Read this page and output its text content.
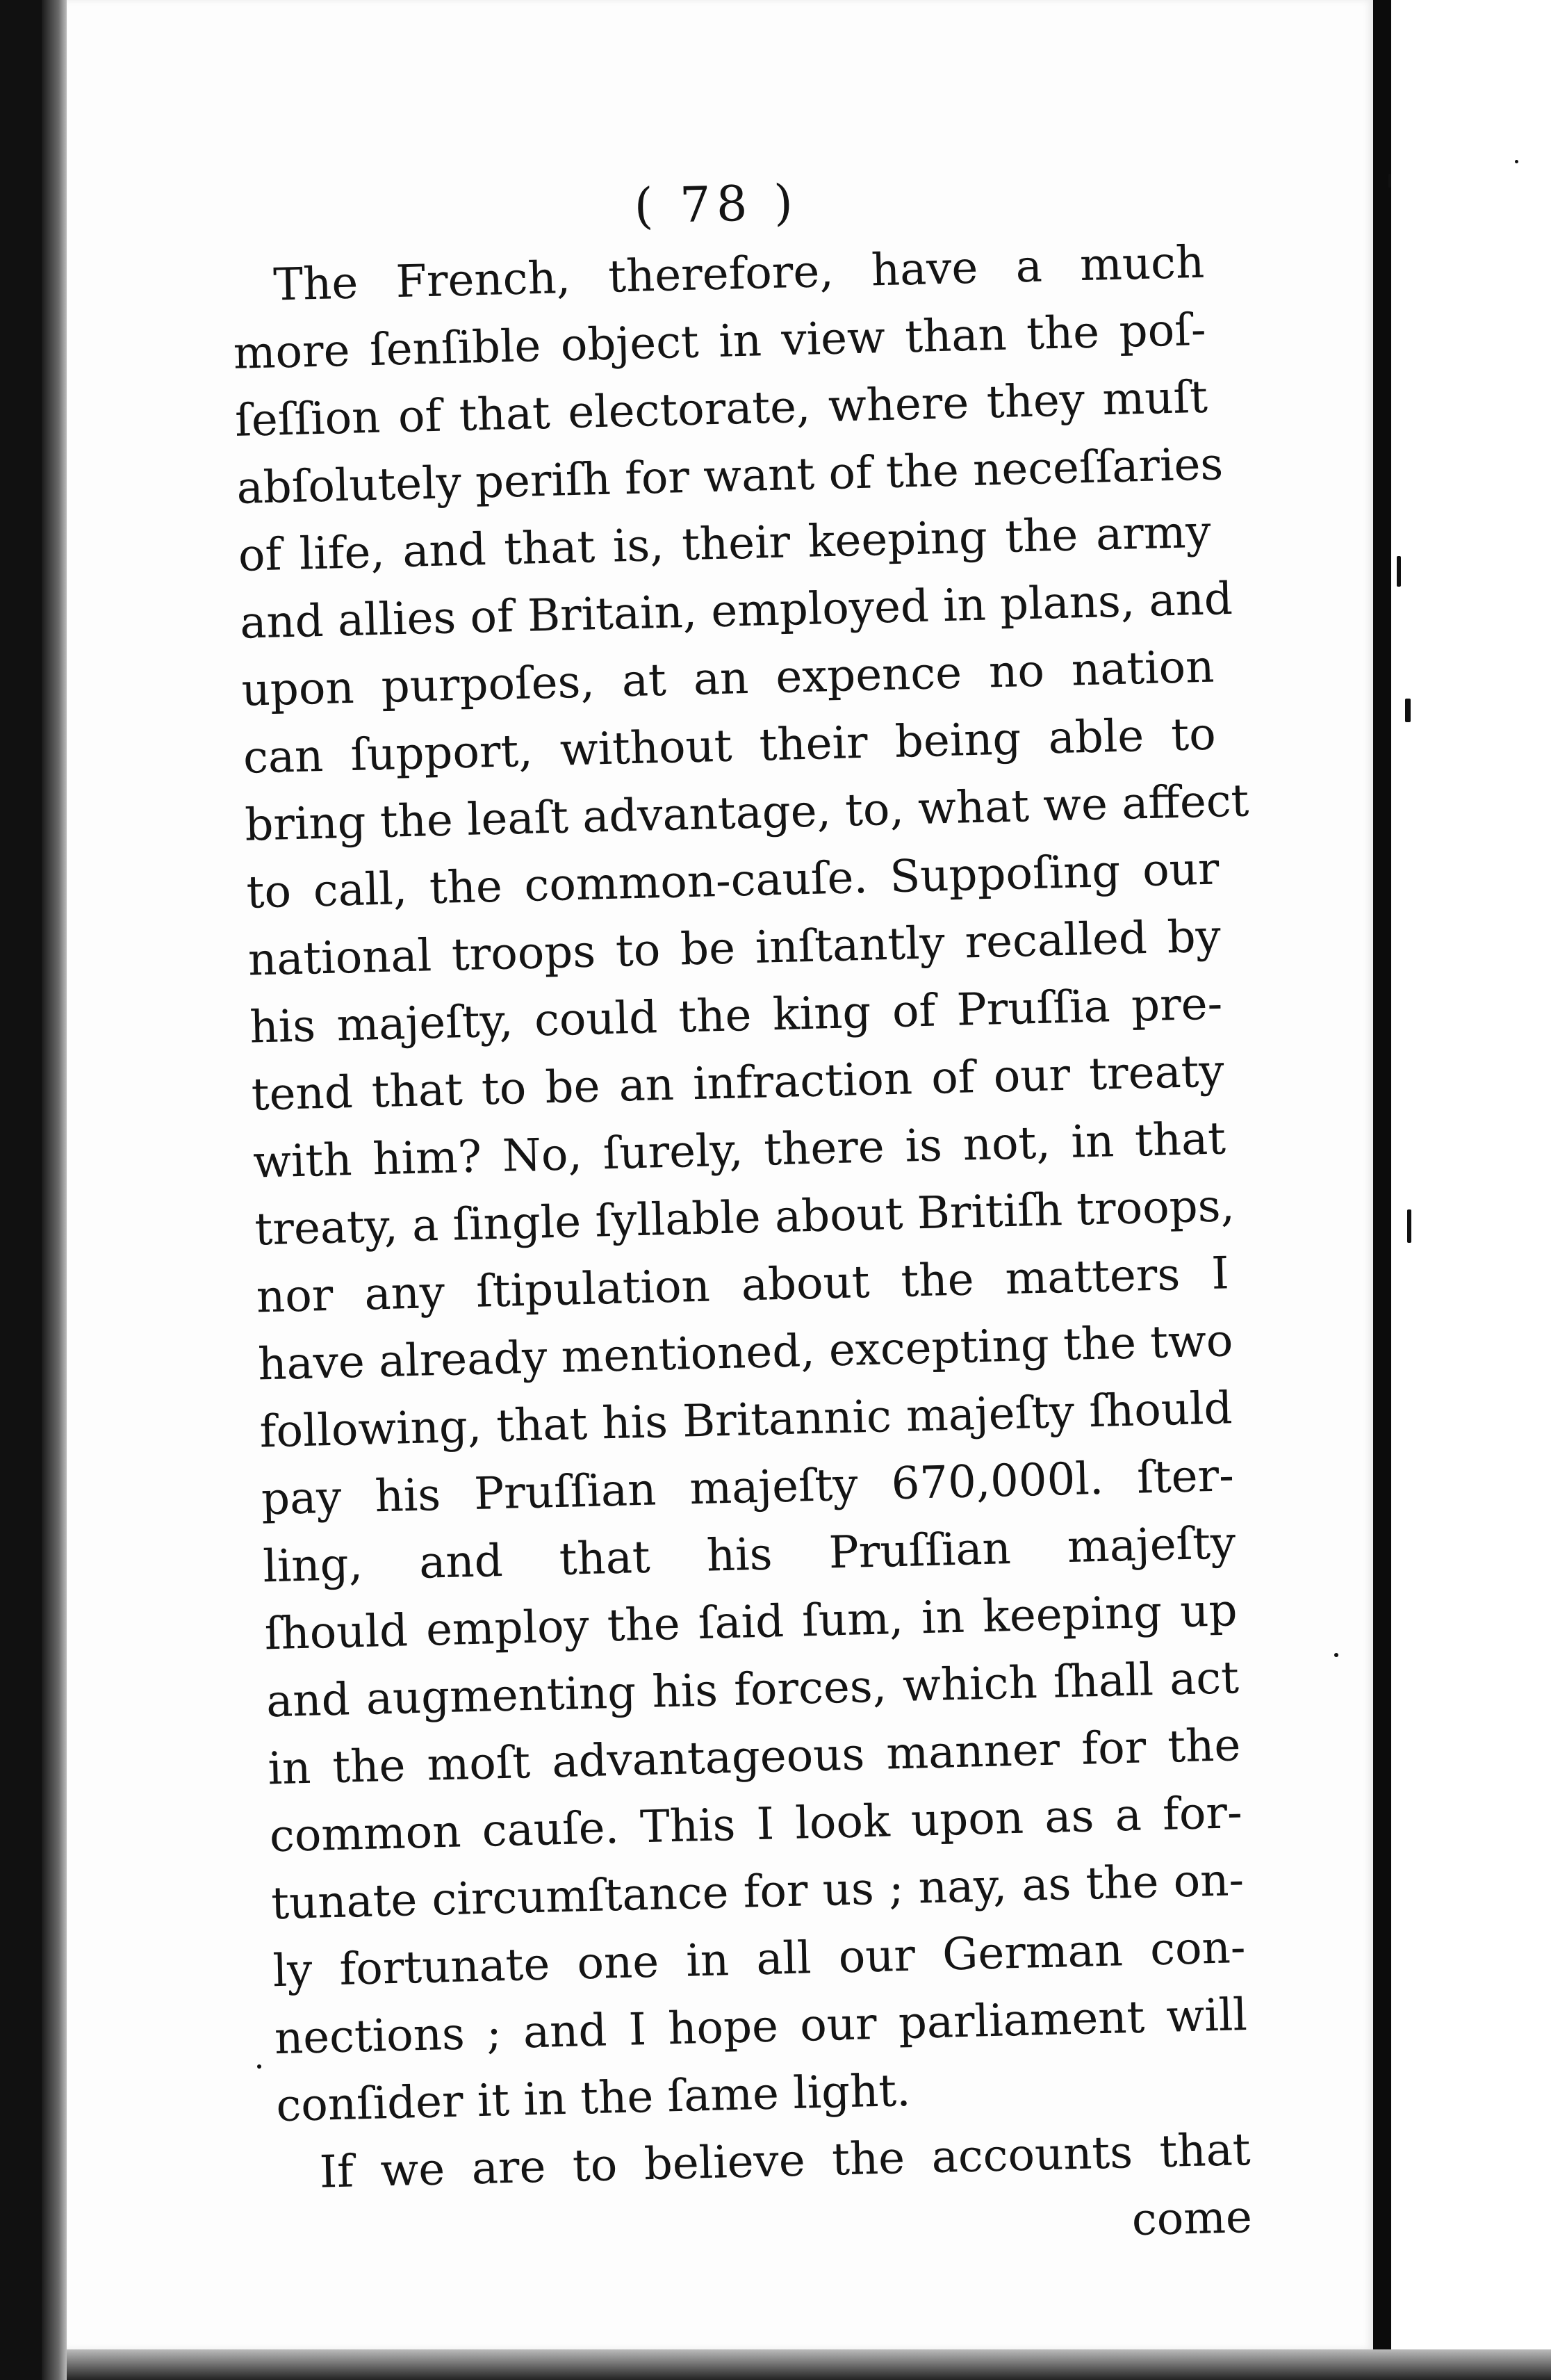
( 78 )
The French, therefore, have a much
more ſenſible object in view than the poſ-
ſeſſion of that electorate, where they muſt
abſolutely periſh for want of the neceſſaries
of life, and that is, their keeping the army
and allies of Britain, employed in plans, and
upon purpoſes, at an expence no nation
can ſupport, without their being able to
bring the leaſt advantage, to, what we affect
to call, the common-cauſe. Suppoſing our
national troops to be inſtantly recalled by
his majeſty, could the king of Pruſſia pre-
tend that to be an infraction of our treaty
with him? No, ſurely, there is not, in that
treaty, a ſingle ſyllable about Britiſh troops,
nor any ſtipulation about the matters I
have already mentioned, excepting the two
following, that his Britannic majeſty ſhould
pay his Pruſſian majeſty 670,000l. ſter-
ling, and that his Pruſſian majeſty
ſhould employ the ſaid ſum, in keeping up
and augmenting his forces, which ſhall act
in the moſt advantageous manner for the
common cauſe. This I look upon as a for-
tunate circumſtance for us ; nay, as the on-
ly fortunate one in all our German con-
nections ; and I hope our parliament will
conſider it in the ſame light.
If we are to believe the accounts that
come
